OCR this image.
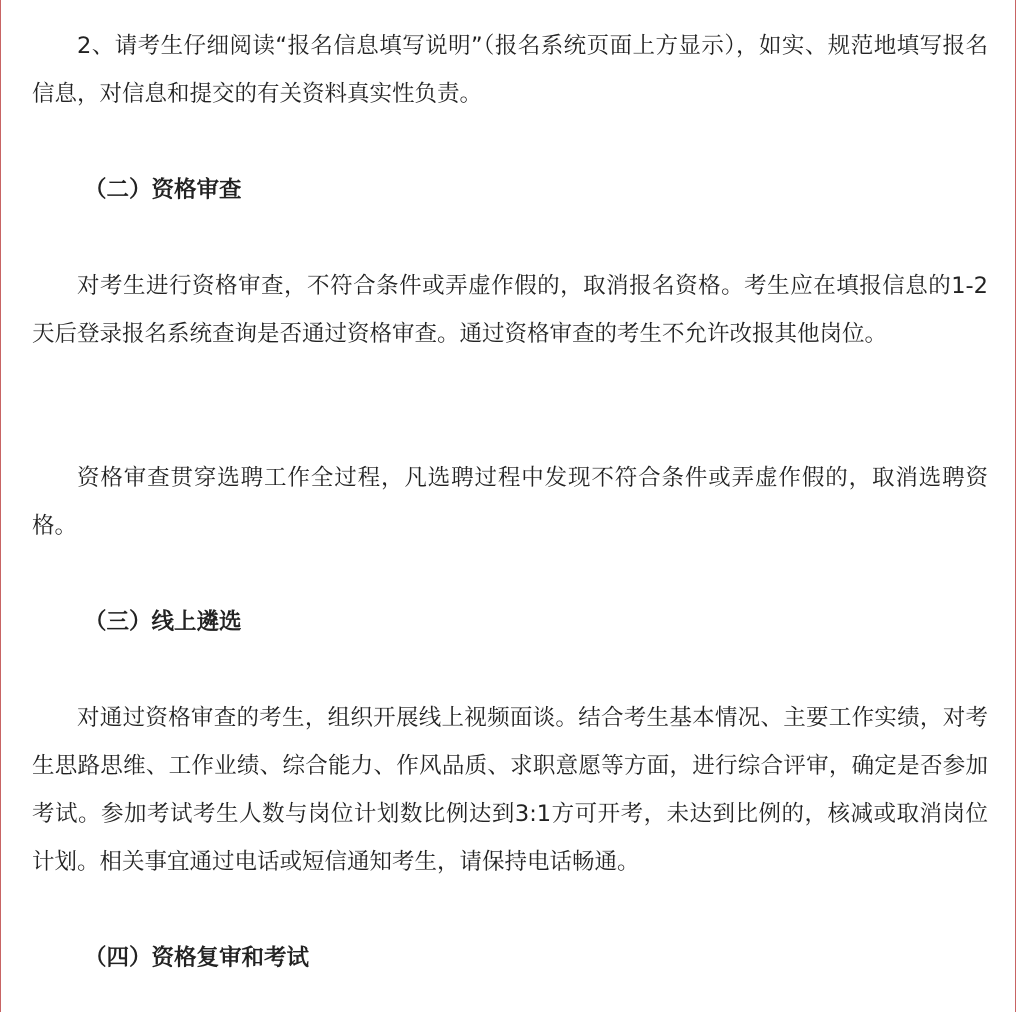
2、请考生仔细阅读“报名信息填写说明”（报名系统页面上方显示），如实、规范地填写报名信息，对信息和提交的有关资料真实性负责。

（二）资格审查

对考生进行资格审查，不符合条件或弄虚作假的，取消报名资格。考生应在填报信息的1-2天后登录报名系统查询是否通过资格审查。通过资格审查的考生不允许改报其他岗位。

资格审查贯穿选聘工作全过程，凡选聘过程中发现不符合条件或弄虚作假的，取消选聘资格。

（三）线上遴选

对通过资格审查的考生，组织开展线上视频面谈。结合考生基本情况、主要工作实绩，对考生思路思维、工作业绩、综合能力、作风品质、求职意愿等方面，进行综合评审，确定是否参加考试。参加考试考生人数与岗位计划数比例达到3:1方可开考，未达到比例的，核减或取消岗位计划。相关事宜通过电话或短信通知考生，请保持电话畅通。

（四）资格复审和考试
